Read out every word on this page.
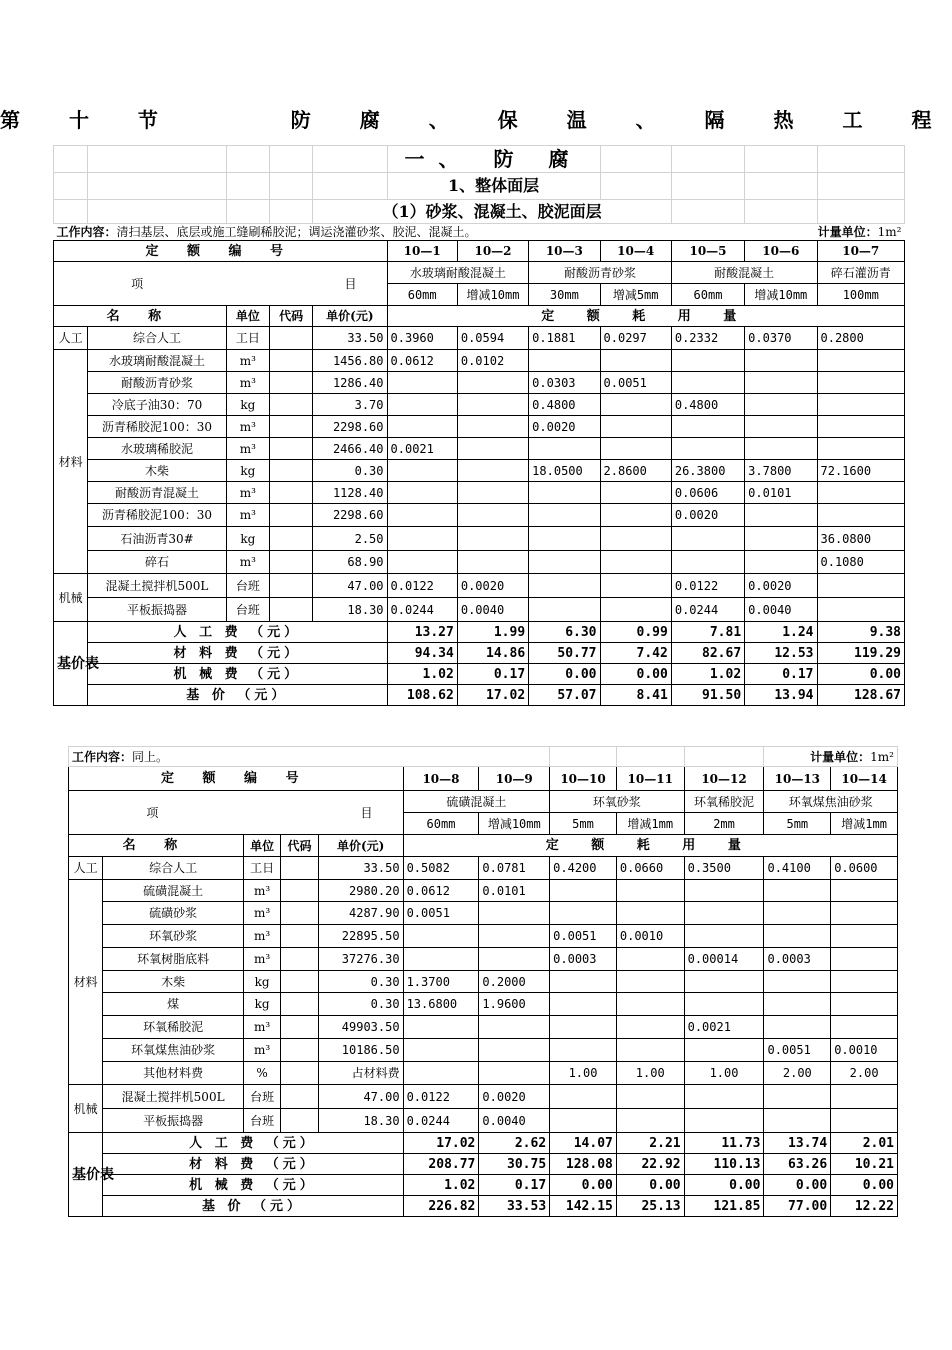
第 十 节    防 腐 、 保 温 、 隔 热 工 程
					一、 防 腐						
					1、整体面层						
				（1）砂浆、混凝土、胶泥面层							
工作内容：清扫基层、底层或施工缝刷稀胶泥；调运浇灌砂浆、胶泥、混凝土。										计量单位：1m²	
定 额 编 号					10—1	10—2	10—3	10—4	10—5	10—6	10—7
项 目					水玻璃耐酸混凝土		耐酸沥青砂浆		耐酸混凝土		碎石灌沥青
					60mm	增减10mm	30mm	增减5mm	60mm	增减10mm	100mm
名 称		单位	代码	单价(元)	定 额 耗 用 量						
人工	综合人工	工日		33.50	0.3960	0.0594	0.1881	0.0297	0.2332	0.0370	0.2800
材料	水玻璃耐酸混凝土	m³		1456.80	0.0612	0.0102					
	耐酸沥青砂浆	m³		1286.40			0.0303	0.0051			
	冷底子油30：70	kg		3.70			0.4800		0.4800		
	沥青稀胶泥100：30	m³		2298.60			0.0020				
	水玻璃稀胶泥	m³		2466.40	0.0021						
	木柴	kg		0.30			18.0500	2.8600	26.3800	3.7800	72.1600
	耐酸沥青混凝土	m³		1128.40					0.0606	0.0101	
	沥青稀胶泥100：30	m³		2298.60					0.0020		
	石油沥青30#	kg		2.50							36.0800
	碎石	m³		68.90							0.1080
机械	混凝土搅拌机500L	台班		47.00	0.0122	0.0020			0.0122	0.0020	
	平板振捣器	台班		18.30	0.0244	0.0040			0.0244	0.0040	
基价表	人 工 费 （元）				13.27	1.99	6.30	0.99	7.81	1.24	9.38
	材 料 费 （元）				94.34	14.86	50.77	7.42	82.67	12.53	119.29
	机 械 费 （元）				1.02	0.17	0.00	0.00	1.02	0.17	0.00
	基 价 （元）				108.62	17.02	57.07	8.41	91.50	13.94	128.67
工作内容：同上。										计量单位：1m²	
定 额 编 号					10—8	10—9	10—10	10—11	10—12	10—13	10—14
项 目					硫磺混凝土		环氧砂浆		环氧稀胶泥	环氧煤焦油砂浆	
					60mm	增减10mm	5mm	增减1mm	2mm	5mm	增减1mm
名 称		单位	代码	单价(元)	定 额 耗 用 量						
人工	综合人工	工日		33.50	0.5082	0.0781	0.4200	0.0660	0.3500	0.4100	0.0600
材料	硫磺混凝土	m³		2980.20	0.0612	0.0101					
	硫磺砂浆	m³		4287.90	0.0051						
	环氧砂浆	m³		22895.50			0.0051	0.0010			
	环氧树脂底料	m³		37276.30			0.0003		0.00014	0.0003	
	木柴	kg		0.30	1.3700	0.2000					
	煤	kg		0.30	13.6800	1.9600					
	环氧稀胶泥	m³		49903.50					0.0021		
	环氧煤焦油砂浆	m³		10186.50						0.0051	0.0010
	其他材料费	%		占材料费			1.00	1.00	1.00	2.00	2.00
机械	混凝土搅拌机500L	台班		47.00	0.0122	0.0020					
	平板振捣器	台班		18.30	0.0244	0.0040					
基价表	人 工 费 （元）				17.02	2.62	14.07	2.21	11.73	13.74	2.01
	材 料 费 （元）				208.77	30.75	128.08	22.92	110.13	63.26	10.21
	机 械 费 （元）				1.02	0.17	0.00	0.00	0.00	0.00	0.00
	基 价 （元）				226.82	33.53	142.15	25.13	121.85	77.00	12.22
